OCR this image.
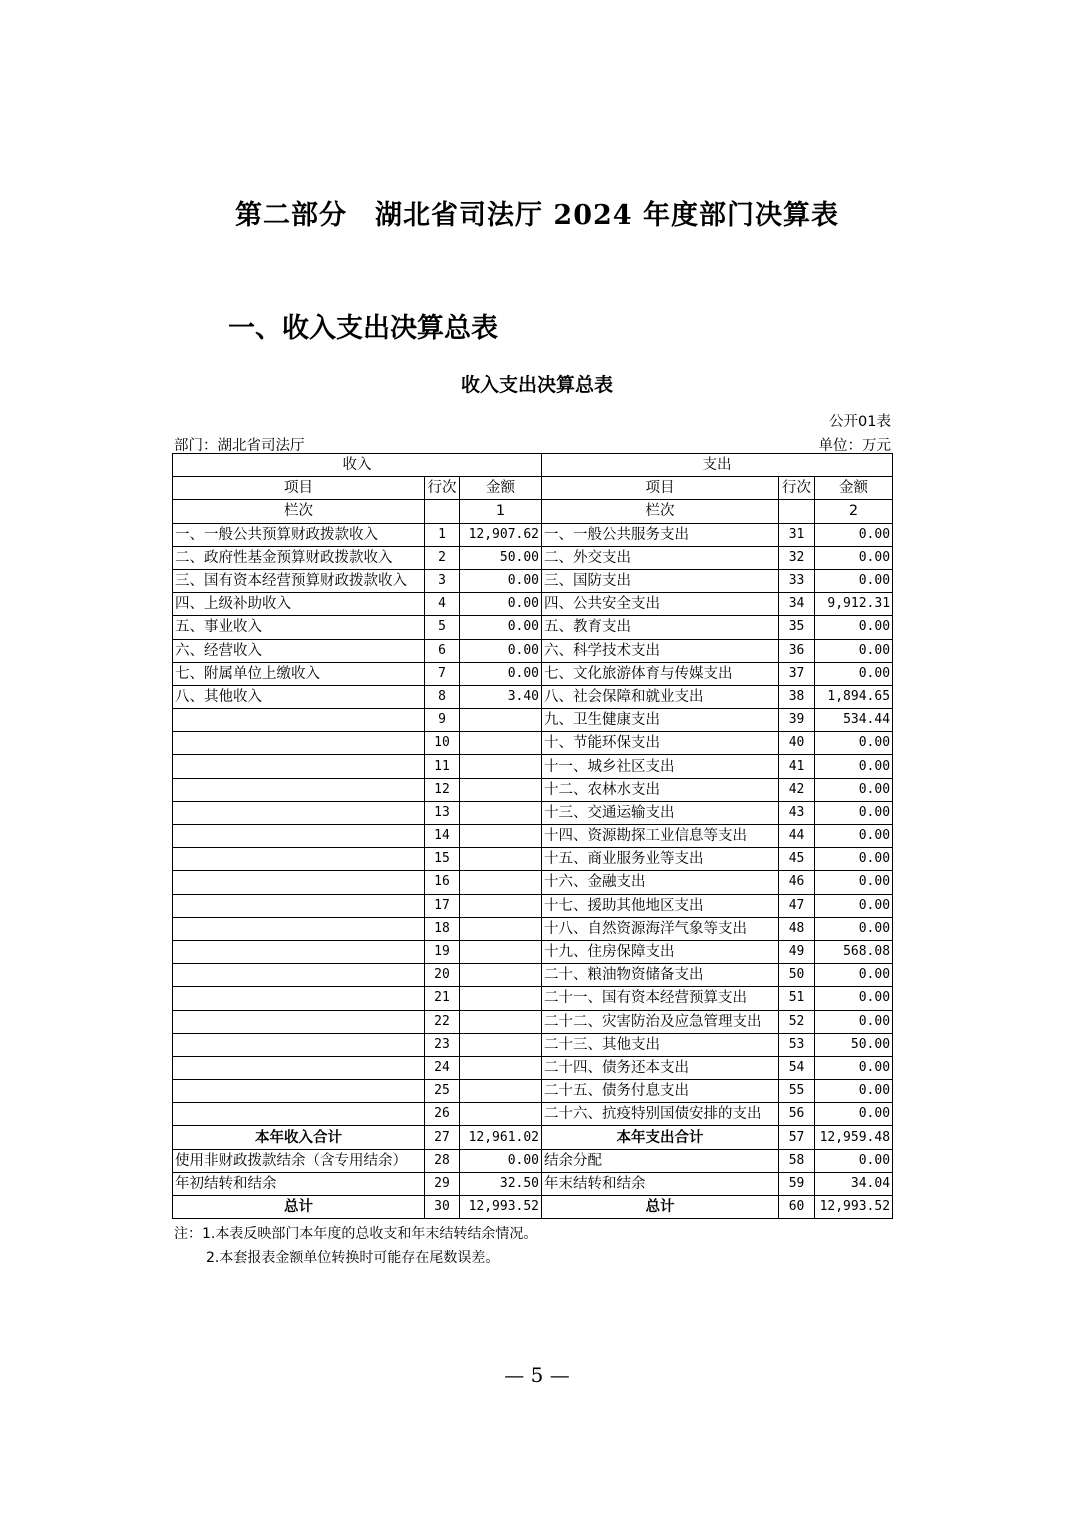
第二部分　湖北省司法厅 2024 年度部门决算表
一、收入支出决算总表
收入支出决算总表
公开01表
部门：湖北省司法厅	单位：万元
收入			支出		
项目	行次	金额	项目	行次	金额
栏次		1	栏次		2
一、一般公共预算财政拨款收入	1	12,907.62	一、一般公共服务支出	31	0.00
二、政府性基金预算财政拨款收入	2	50.00	二、外交支出	32	0.00
三、国有资本经营预算财政拨款收入	3	0.00	三、国防支出	33	0.00
四、上级补助收入	4	0.00	四、公共安全支出	34	9,912.31
五、事业收入	5	0.00	五、教育支出	35	0.00
六、经营收入	6	0.00	六、科学技术支出	36	0.00
七、附属单位上缴收入	7	0.00	七、文化旅游体育与传媒支出	37	0.00
八、其他收入	8	3.40	八、社会保障和就业支出	38	1,894.65
	9		九、卫生健康支出	39	534.44
	10		十、节能环保支出	40	0.00
	11		十一、城乡社区支出	41	0.00
	12		十二、农林水支出	42	0.00
	13		十三、交通运输支出	43	0.00
	14		十四、资源勘探工业信息等支出	44	0.00
	15		十五、商业服务业等支出	45	0.00
	16		十六、金融支出	46	0.00
	17		十七、援助其他地区支出	47	0.00
	18		十八、自然资源海洋气象等支出	48	0.00
	19		十九、住房保障支出	49	568.08
	20		二十、粮油物资储备支出	50	0.00
	21		二十一、国有资本经营预算支出	51	0.00
	22		二十二、灾害防治及应急管理支出	52	0.00
	23		二十三、其他支出	53	50.00
	24		二十四、债务还本支出	54	0.00
	25		二十五、债务付息支出	55	0.00
	26		二十六、抗疫特别国债安排的支出	56	0.00
本年收入合计	27	12,961.02	本年支出合计	57	12,959.48
使用非财政拨款结余（含专用结余）	28	0.00	结余分配	58	0.00
年初结转和结余	29	32.50	年末结转和结余	59	34.04
总计	30	12,993.52	总计	60	12,993.52
注：1.本表反映部门本年度的总收支和年末结转结余情况。
2.本套报表金额单位转换时可能存在尾数误差。
— 5 —
